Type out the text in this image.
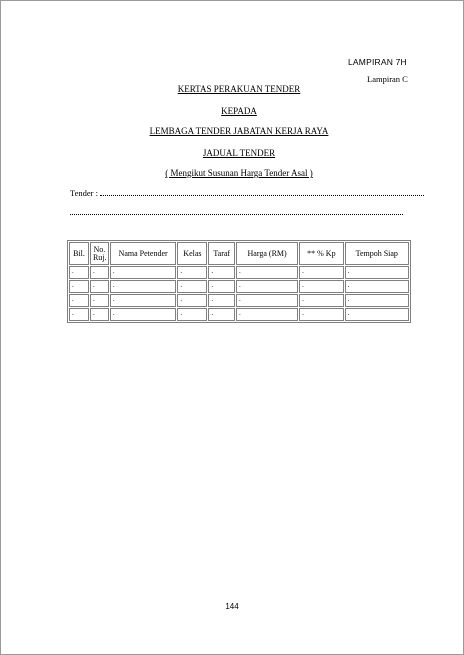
LAMPIRAN 7H
Lampiran C
KERTAS PERAKUAN TENDER
KEPADA
LEMBAGA TENDER JABATAN KERJA RAYA
JADUAL TENDER
( Mengikut Susunan Harga Tender Asal )
Tender :
Bil.	No. Ruj.	Nama Petender	Kelas	Taraf	Harga (RM)	** % Kp	Tempoh Siap
.	.	.	.	.	.	.	.
.	.	.	.	.	.	.	.
.	.	.	.	.	.	.	.
.	.	.	.	.	.	.	.
144
